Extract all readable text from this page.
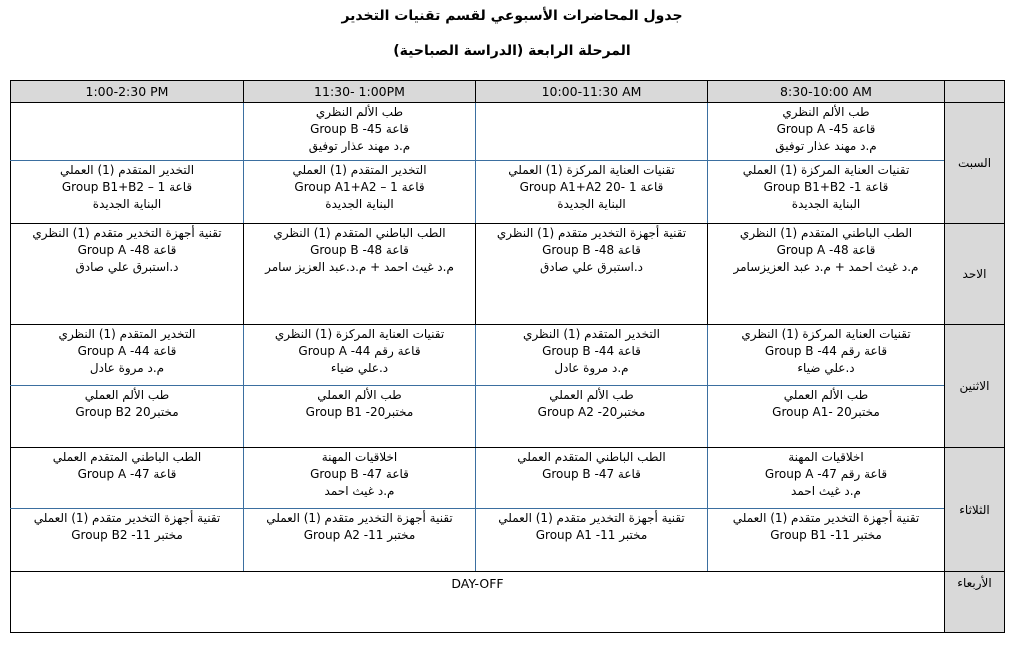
جدول المحاضرات الأسبوعي لقسم تقنيات التخدير
المرحلة الرابعة (الدراسة الصباحية)
	8:30-10:00 AM	10:00-11:30 AM	11:30- 1:00PM	1:00-2:30 PM
السبت	طب الألم النظري
قاعة 45- Group A
م.د مهند عذار توفيق		طب الألم النظري
قاعة 45- Group B
م.د مهند عذار توفيق	

	تقنيات العناية المركزة (1) العملي
قاعة 1- Group B1+B2
البناية الجديدة	تقنيات العناية المركزة (1) العملي
قاعة 1 -20 Group A1+A2
البناية الجديدة	التخدير المتقدم (1) العملي
قاعة 1 – Group A1+A2
البناية الجديدة	التخدير المتقدم (1) العملي
قاعة 1 – Group B1+B2
البناية الجديدة

الاحد	الطب الباطني المتقدم (1) النظري
قاعة 48- Group A
م.د غيث احمد + م.د عبد العزيزسامر	تقنية أجهزة التخدير متقدم (1) النظري
قاعة 48- Group B
د.استبرق علي صادق	الطب الباطني المتقدم (1) النظري
قاعة 48- Group B
م.د غيث احمد + م.د.عبد العزيز سامر	تقنية أجهزة التخدير متقدم (1) النظري
قاعة 48- Group A
د.استبرق علي صادق

الاثنين	تقنيات العناية المركزة (1) النظري
قاعة رقم 44- Group B
د.علي ضياء	التخدير المتقدم (1) النظري
قاعة 44- Group B
م.د مروة عادل	تقنيات العناية المركزة (1) النظري
قاعة رقم 44- Group A
د.علي ضياء	التخدير المتقدم (1) النظري
قاعة 44- Group A
م.د مروة عادل

	طب الألم العملي
مختبر20 -Group A1	طب الألم العملي
مختبر20- Group A2	طب الألم العملي
مختبر20- Group B1	طب الألم العملي
مختبر20 Group B2

الثلاثاء	اخلاقيات المهنة
قاعة رقم 47- Group A
م.د غيث احمد	الطب الباطني المتقدم العملي
قاعة 47- Group B	اخلاقيات المهنة
قاعة 47- Group B
م.د غيث احمد	الطب الباطني المتقدم العملي
قاعة 47- Group A

	تقنية أجهزة التخدير متقدم (1) العملي
مختبر 11- Group B1	تقنية أجهزة التخدير متقدم (1) العملي
مختبر 11- Group A1	تقنية أجهزة التخدير متقدم (1) العملي
مختبر 11- Group A2	تقنية أجهزة التخدير متقدم (1) العملي
مختبر 11- Group B2

الأربعاء	DAY-OFF			
